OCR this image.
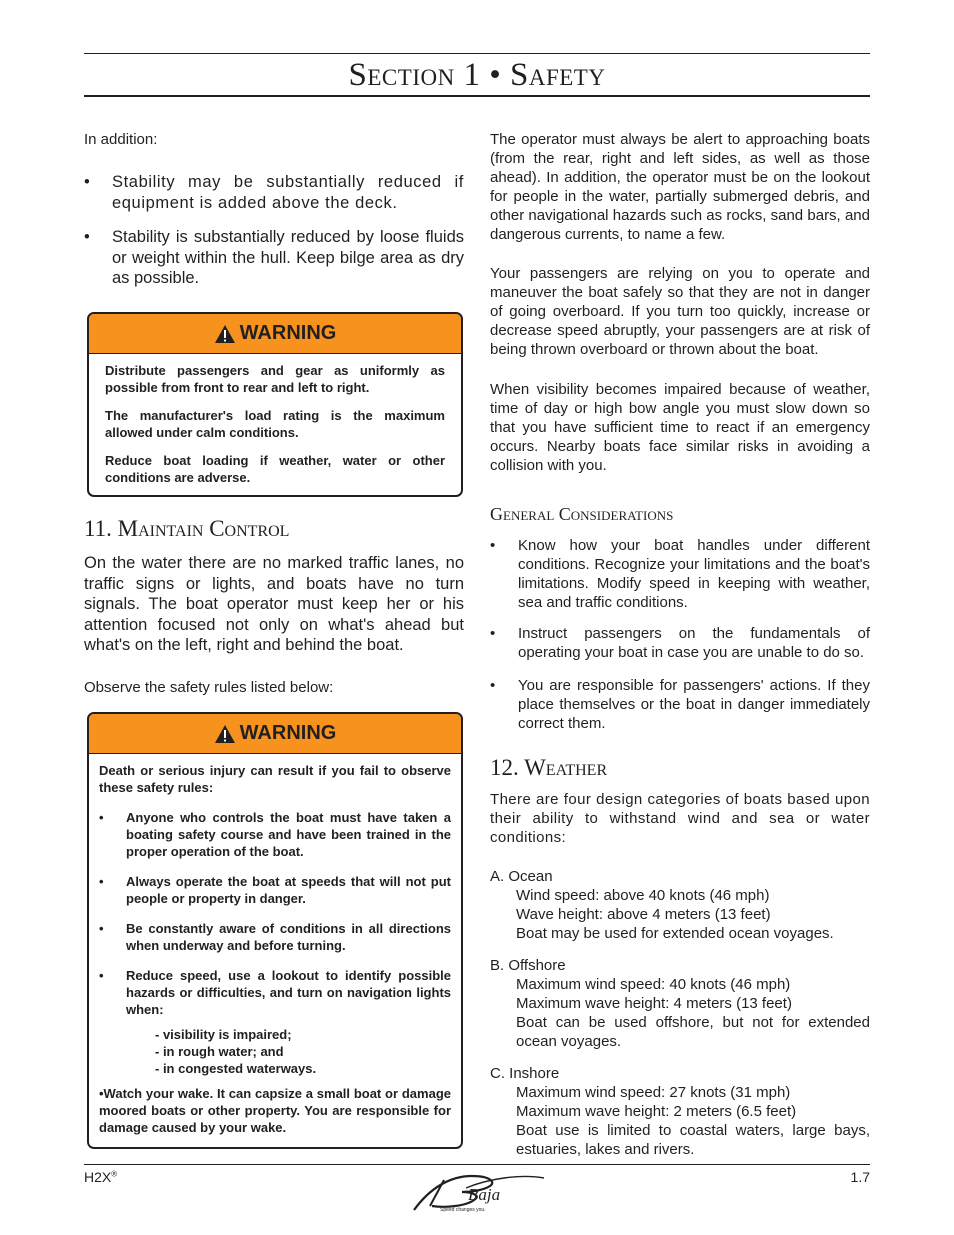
Section 1 • Safety
In addition:
• Stability may be substantially reduced if equipment is added above the deck.
• Stability is substantially reduced by loose fluids or weight within the hull. Keep bilge area as dry as possible.
WARNING

Distribute passengers and gear as uniformly as possible from front to rear and left to right.

The manufacturer's load rating is the maximum allowed under calm conditions.

Reduce boat loading if weather, water or other conditions are adverse.

11. Maintain Control
On the water there are no marked traffic lanes, no traffic signs or lights, and boats have no turn signals. The boat operator must keep her or his attention focused not only on what's ahead but what's on the left, right and behind the boat.
Observe the safety rules listed below:
WARNING

Death or serious injury can result if you fail to observe these safety rules:

• Anyone who controls the boat must have taken a boating safety course and have been trained in the proper operation of the boat.
• Always operate the boat at speeds that will not put people or property in danger.
• Be constantly aware of conditions in all directions when underway and before turning.
• Reduce speed, use a lookout to identify possible hazards or difficulties, and turn on navigation lights when:
- visibility is impaired;
- in rough water; and
- in congested waterways.

•Watch your wake. It can capsize a small boat or damage moored boats or other property. You are responsible for damage caused by your wake.

The operator must always be alert to approaching boats (from the rear, right and left sides, as well as those ahead). In addition, the operator must be on the lookout for people in the water, partially submerged debris, and other navigational hazards such as rocks, sand bars, and dangerous currents, to name a few.
Your passengers are relying on you to operate and maneuver the boat safely so that they are not in danger of going overboard. If you turn too quickly, increase or decrease speed abruptly, your passengers are at risk of being thrown overboard or thrown about the boat.
When visibility becomes impaired because of weather, time of day or high bow angle you must slow down so that you have sufficient time to react if an emergency occurs. Nearby boats face similar risks in avoiding a collision with you.
General Considerations
• Know how your boat handles under different conditions. Recognize your limitations and the boat's limitations. Modify speed in keeping with weather, sea and traffic conditions.
• Instruct passengers on the fundamentals of operating your boat in case you are unable to do so.
• You are responsible for passengers' actions. If they place themselves or the boat in danger immediately correct them.
12. Weather
There are four design categories of boats based upon their ability to withstand wind and sea or water conditions:
A. Ocean
Wind speed: above 40 knots (46 mph)
Wave height: above 4 meters (13 feet)
Boat may be used for extended ocean voyages.
B. Offshore
Maximum wind speed: 40 knots (46 mph)
Maximum wave height: 4 meters (13 feet)
Boat can be used offshore, but not for extended ocean voyages.
C. Inshore
Maximum wind speed: 27 knots (31 mph)
Maximum wave height: 2 meters (6.5 feet)
Boat use is limited to coastal waters, large bays, estuaries, lakes and rivers.
H2X®	1.7
Baja
Speed changes you.
